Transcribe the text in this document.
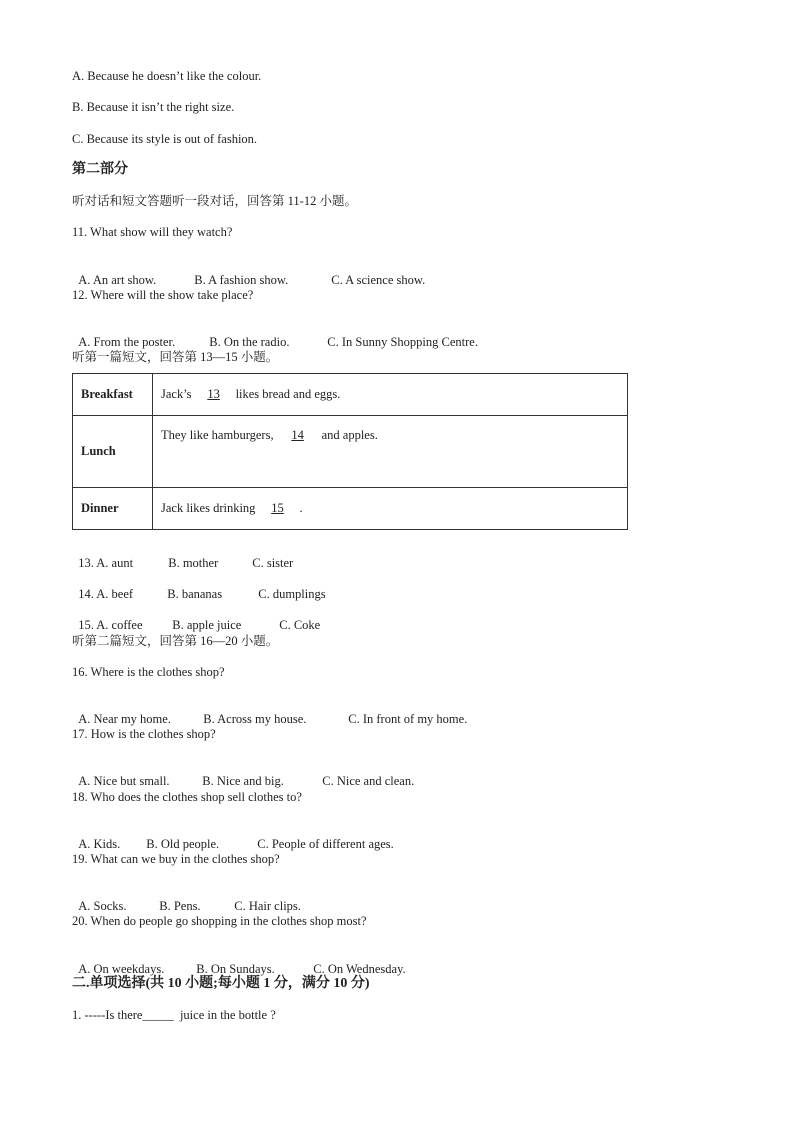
A. Because he doesn’t like the colour.
B. Because it isn’t the right size.
C. Because its style is out of fashion.
第二部分
听对话和短文答题听一段对话，回答第 11-12 小题。
11. What show will they watch?

A. An art show.	B. A fashion show.	C. A science show.

12. Where will the show take place?

A. From the poster.	B. On the radio.	C. In Sunny Shopping Centre.

听第一篇短文，回答第 13—15 小题。
Breakfast	Jack’s 13 likes bread and eggs.
Lunch	They like hamburgers, 14 and apples.
Dinner	Jack likes drinking 15 .

13. A. aunt	B. mother	C. sister

14. A. beef	B. bananas	C. dumplings

15. A. coffee B. apple juice	C. Coke

听第二篇短文，回答第 16—20 小题。
16. Where is the clothes shop?

A. Near my home.	B. Across my house.	C. In front of my home.

17. How is the clothes shop?

A. Nice but small.	B. Nice and big.	C. Nice and clean.

18. Who does the clothes shop sell clothes to?

A. Kids. B. Old people.	C. People of different ages.

19. What can we buy in the clothes shop?

A. Socks.	B. Pens.	C. Hair clips.

20. When do people go shopping in the clothes shop most?

A. On weekdays.	B. On Sundays.	C. On Wednesday.

二.单项选择(共 10 小题;每小题 1 分，满分 10 分)
1. -----Is there_____  juice in the bottle ?
